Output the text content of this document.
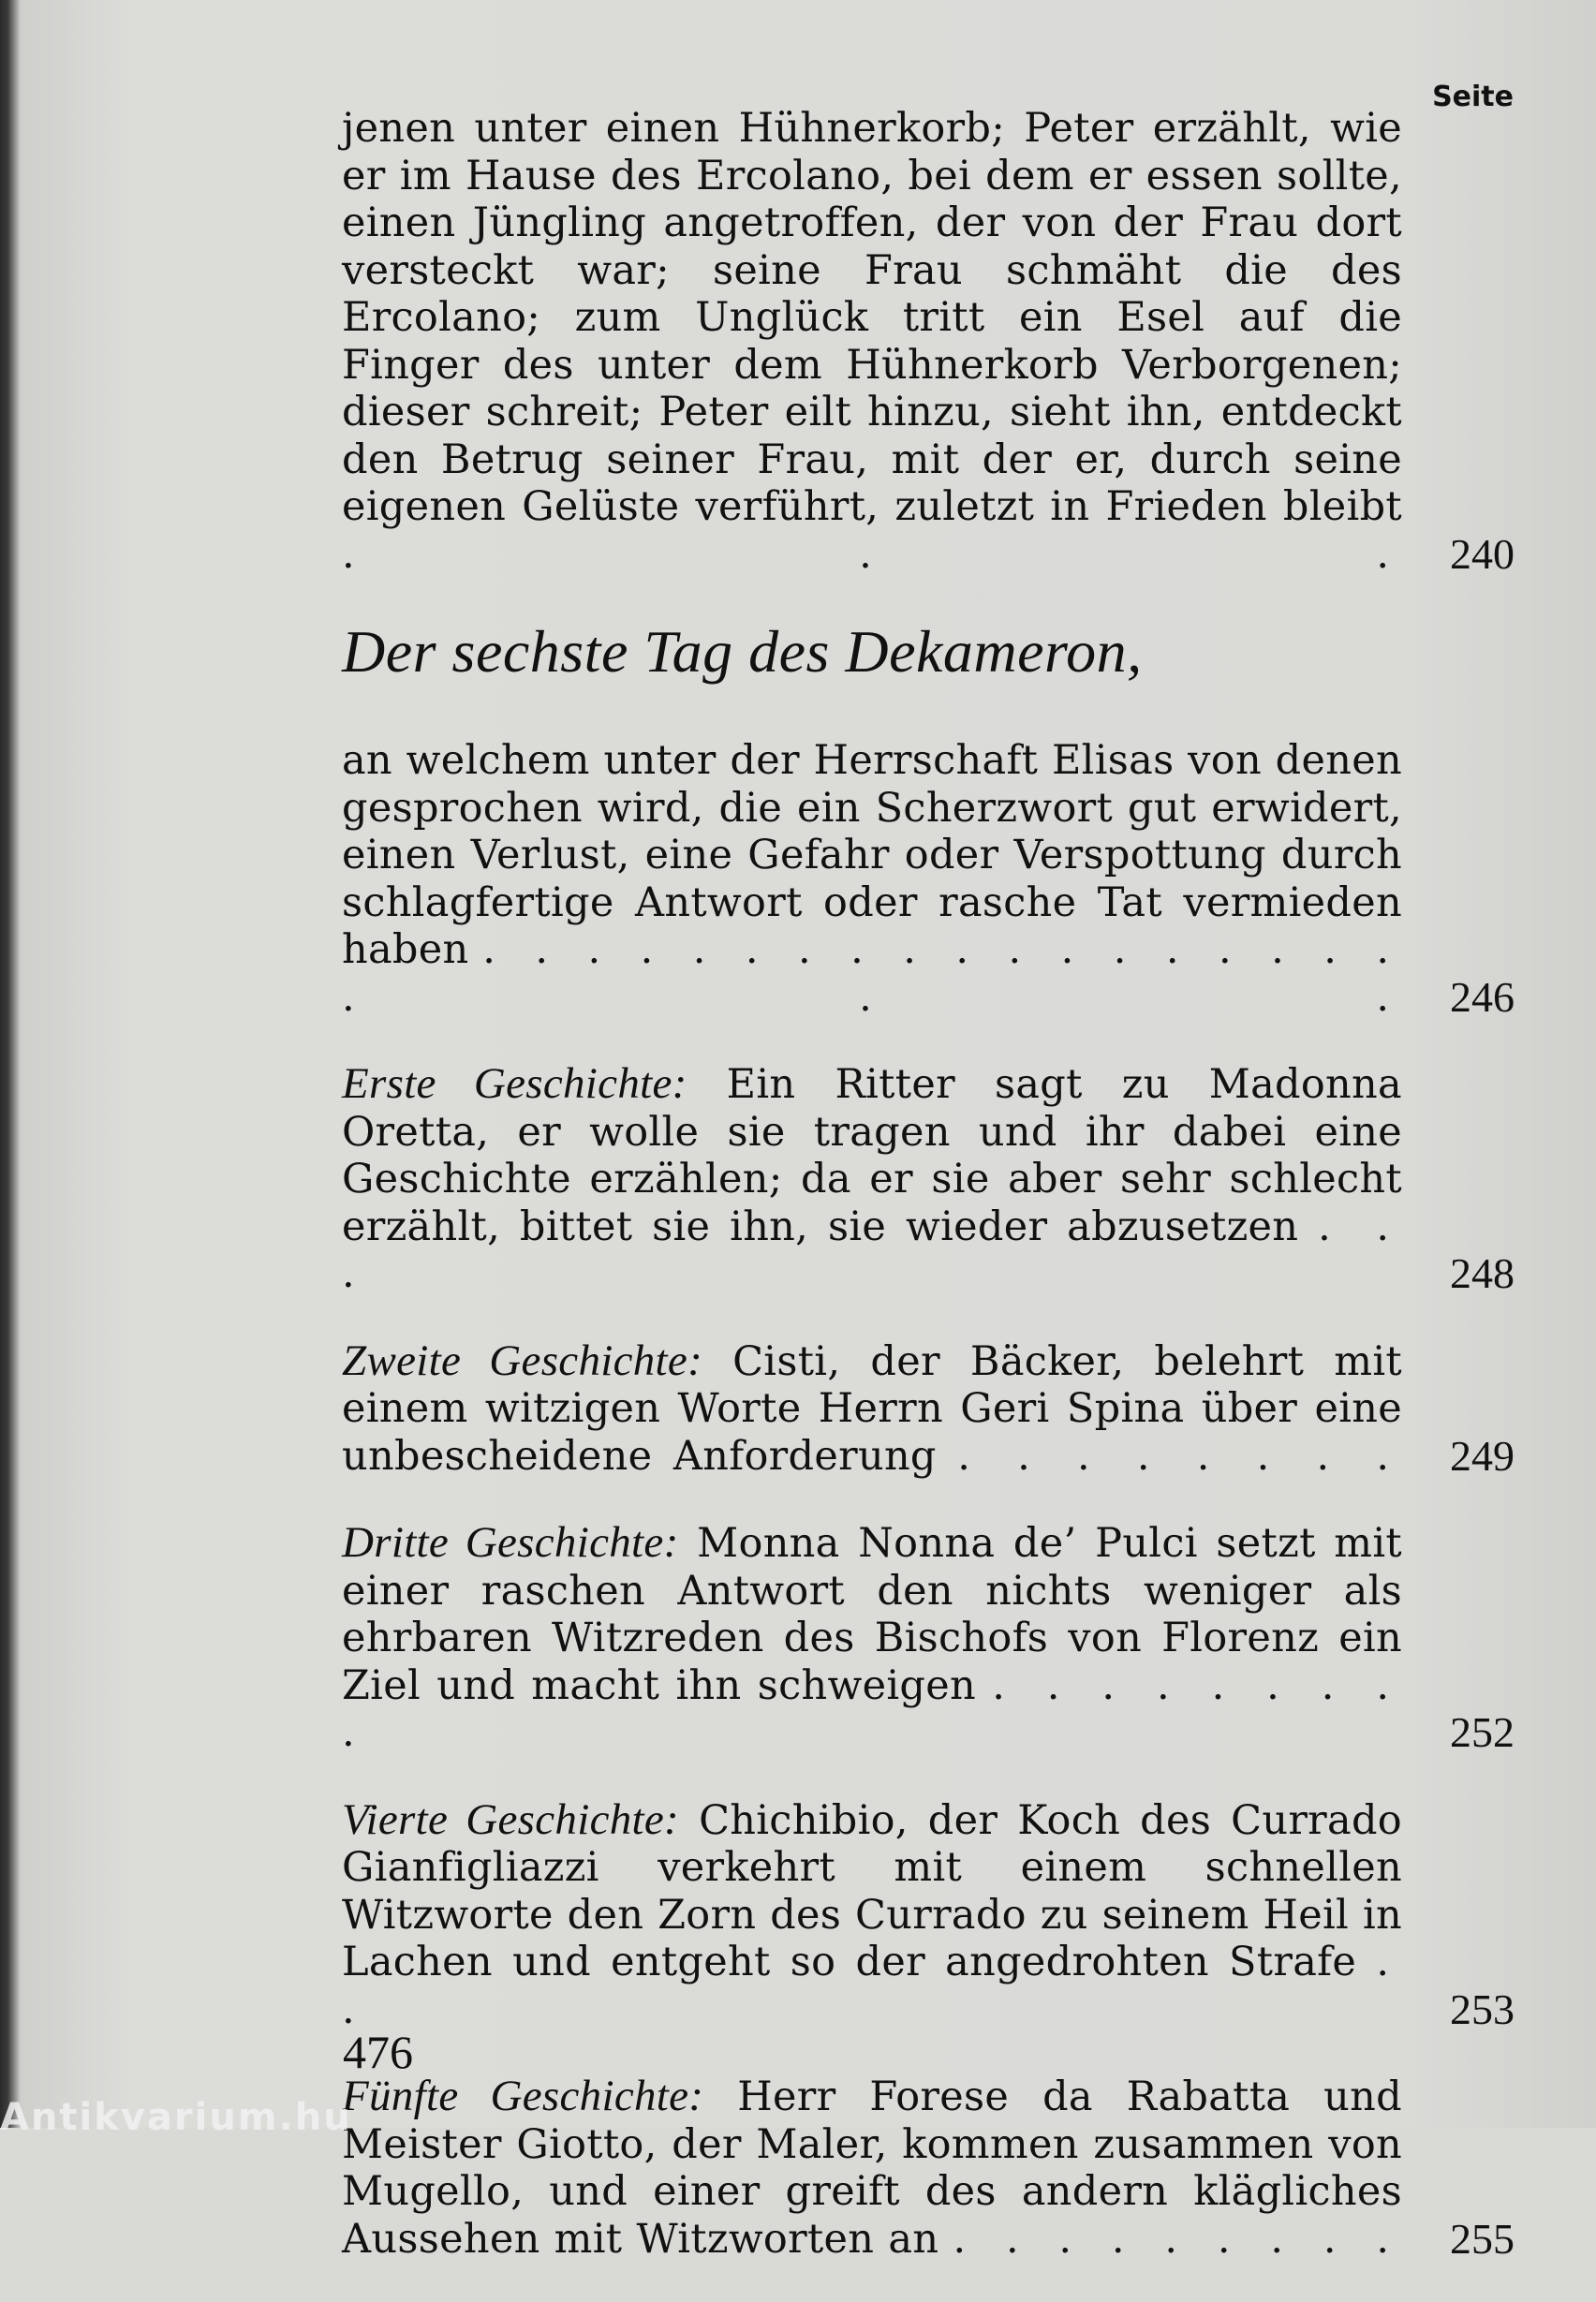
Seite
jenen unter einen Hühnerkorb; Peter erzählt, wie er im Hause des Ercolano, bei dem er essen sollte, einen Jüngling angetroffen, der von der Frau dort versteckt war; seine Frau schmäht die des Ercolano; zum Unglück tritt ein Esel auf die Finger des unter dem Hühnerkorb Verborgenen; dieser schreit; Peter eilt hinzu, sieht ihn, entdeckt den Betrug seiner Frau, mit der er, durch seine eigenen Gelüste verführt, zuletzt in Frieden bleibt . . . 240
Der sechste Tag des Dekameron,
an welchem unter der Herrschaft Elisas von denen gesprochen wird, die ein Scherzwort gut erwidert, einen Verlust, eine Gefahr oder Verspottung durch schlagfertige Antwort oder rasche Tat vermieden haben . . . . . . . . . . . . . . . . . . . . . 246
Erste Geschichte: Ein Ritter sagt zu Madonna Oretta, er wolle sie tragen und ihr dabei eine Geschichte erzählen; da er sie aber sehr schlecht erzählt, bittet sie ihn, sie wieder abzusetzen . . .	248
Zweite Geschichte: Cisti, der Bäcker, belehrt mit einem witzigen Worte Herrn Geri Spina über eine unbescheidene Anforderung . . . . . . . . 249
Dritte Geschichte: Monna Nonna de’ Pulci setzt mit einer raschen Antwort den nichts weniger als ehrbaren Witzreden des Bischofs von Florenz ein Ziel und macht ihn schweigen . . . . . . . . .	252
Vierte Geschichte: Chichibio, der Koch des Currado Gianfigliazzi verkehrt mit einem schnellen Witzworte den Zorn des Currado zu seinem Heil in Lachen und entgeht so der angedrohten Strafe . .	253
Fünfte Geschichte: Herr Forese da Rabatta und Meister Giotto, der Maler, kommen zusammen von Mugello, und einer greift des andern klägliches Aussehen mit Witzworten an . . . . . . . . . 255
476
Antikvarium.hu
